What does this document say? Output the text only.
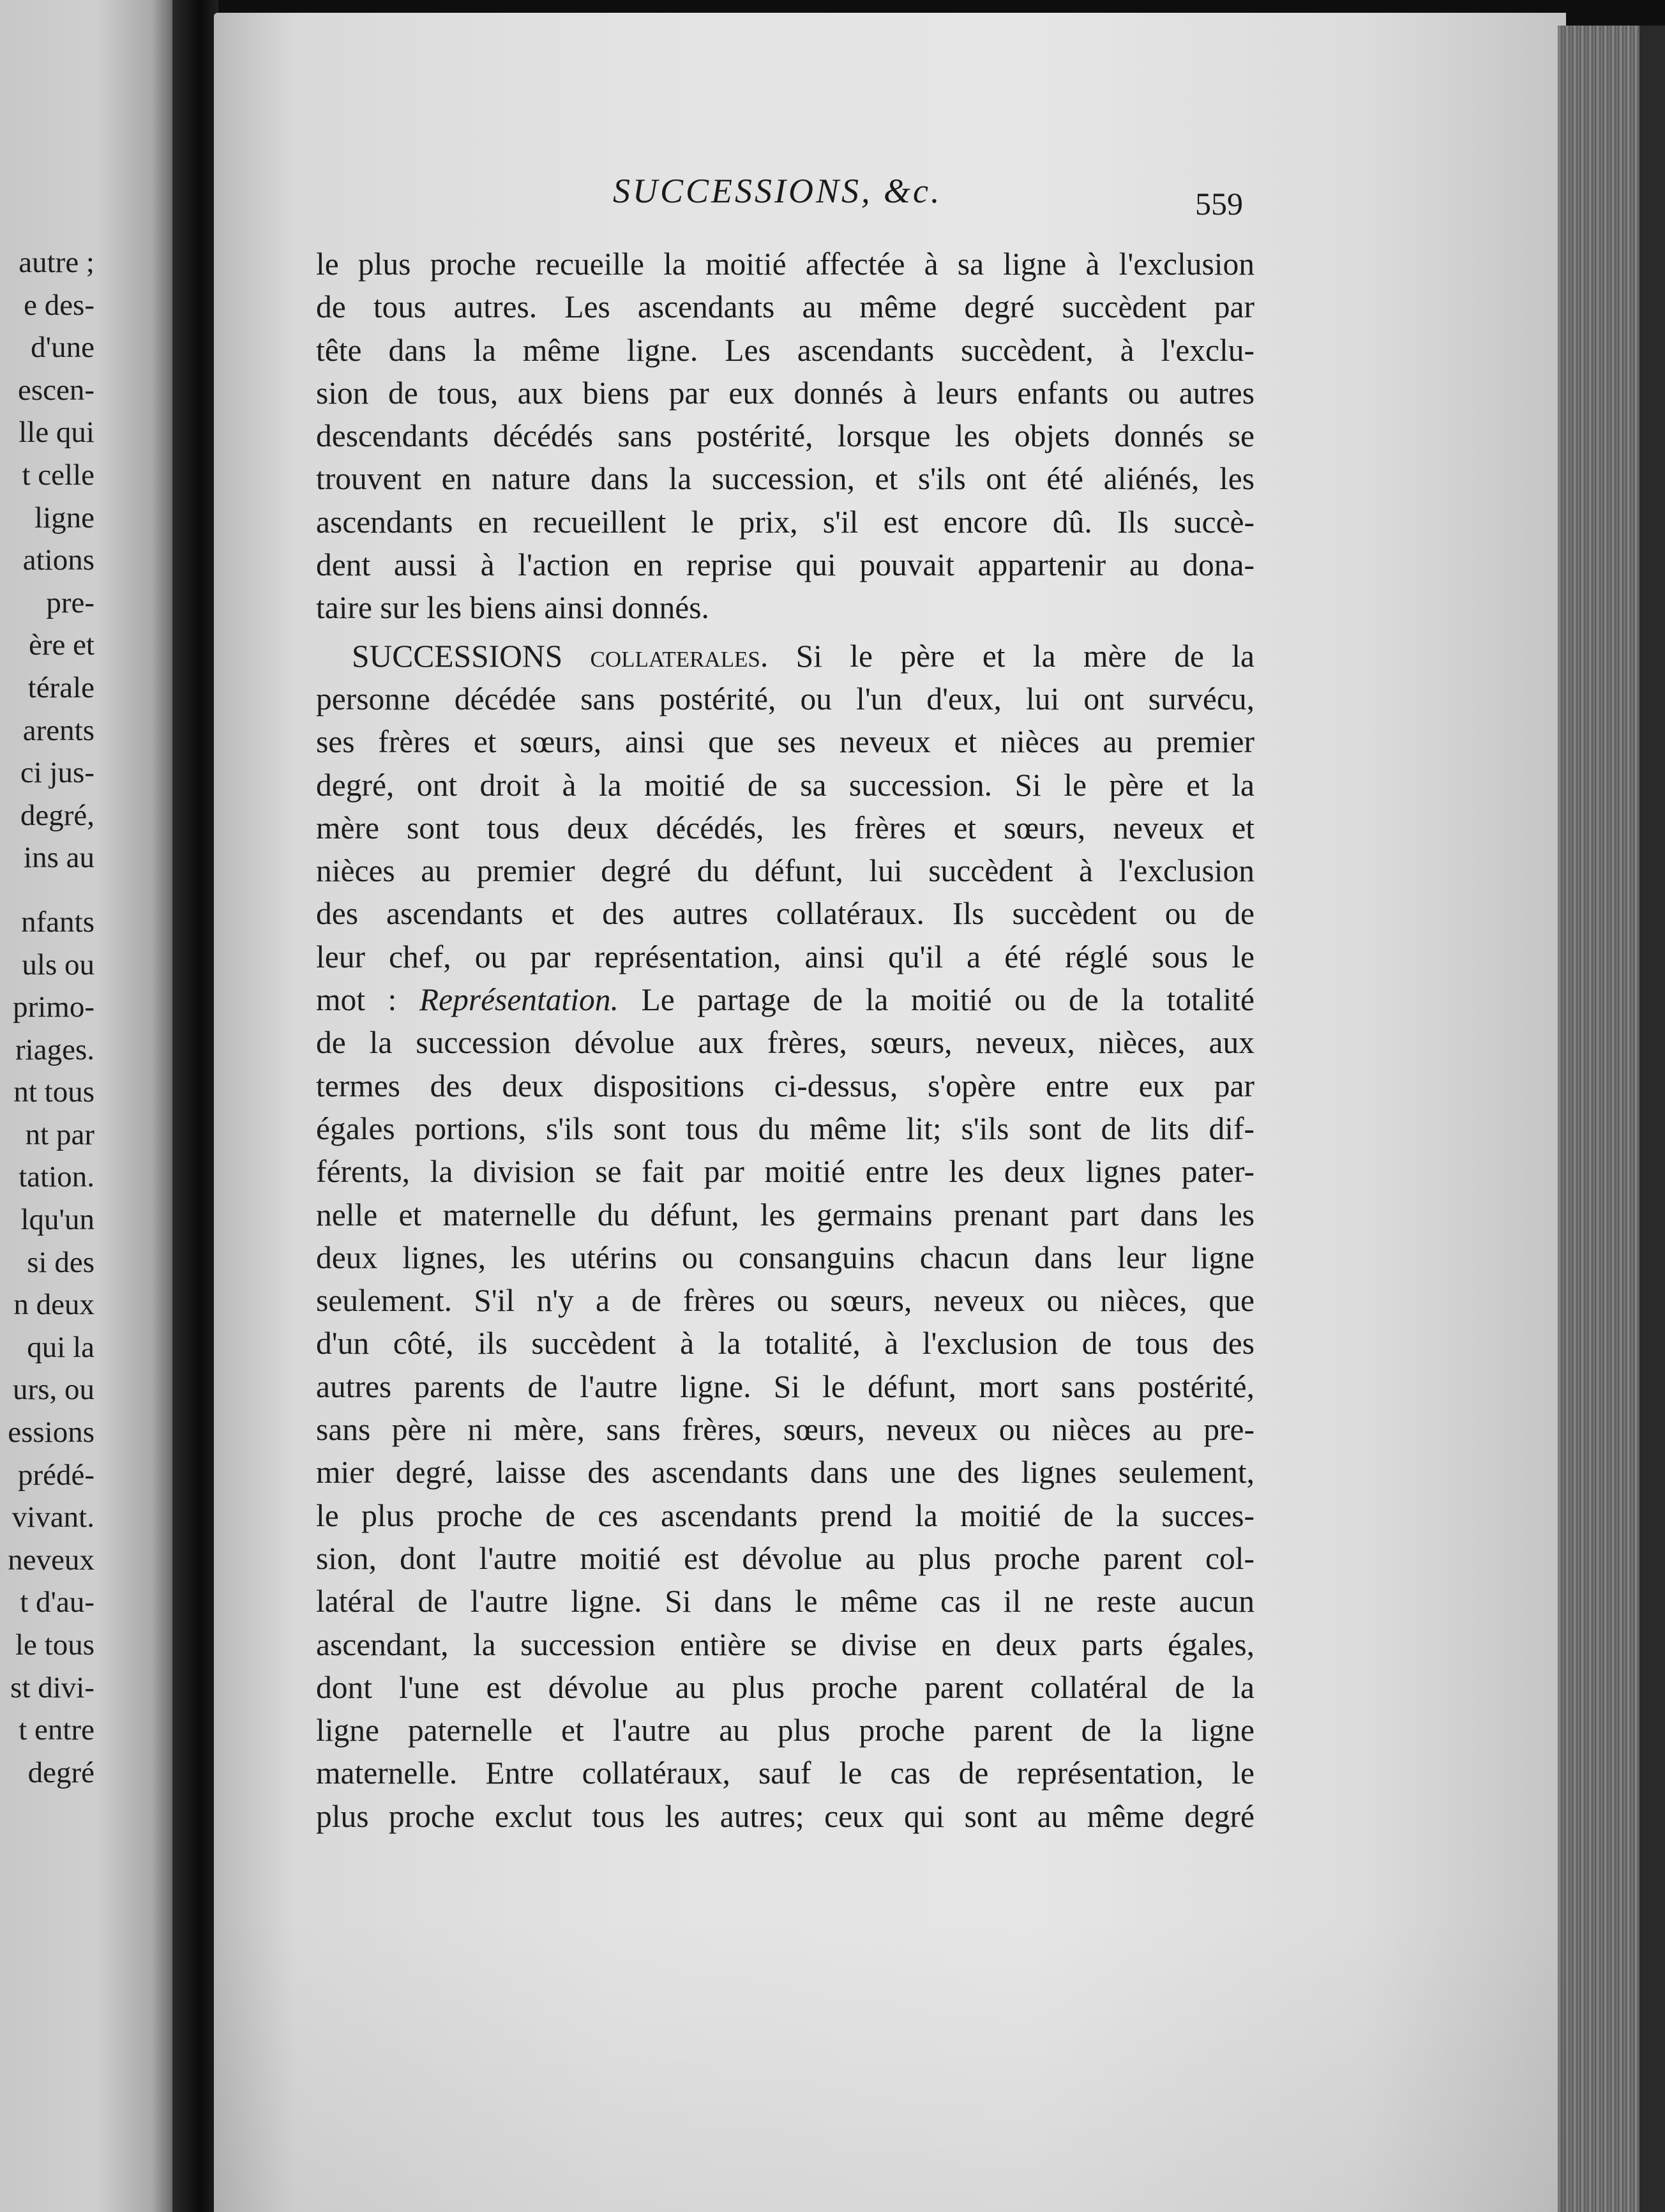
autre ;
e des-
d'une
escen-
lle qui
t celle
ligne
ations
pre-
ère et
térale
arents
ci jus-
degré,
ins au
nfants
uls ou
primo-
riages.
nt tous
nt par
tation.
lqu'un
si des
n deux
qui la
urs, ou
essions
prédé-
vivant.
neveux
t d'au-
le tous
st divi-
t entre
degré
SUCCESSIONS, &c.	559
le plus proche recueille la moitié affectée à sa ligne à l'exclusion
de tous autres. Les ascendants au même degré succèdent par
tête dans la même ligne. Les ascendants succèdent, à l'exclu-
sion de tous, aux biens par eux donnés à leurs enfants ou autres
descendants décédés sans postérité, lorsque les objets donnés se
trouvent en nature dans la succession, et s'ils ont été aliénés, les
ascendants en recueillent le prix, s'il est encore dû. Ils succè-
dent aussi à l'action en reprise qui pouvait appartenir au dona-
taire sur les biens ainsi donnés.
SUCCESSIONS collaterales. Si le père et la mère de la
personne décédée sans postérité, ou l'un d'eux, lui ont survécu,
ses frères et sœurs, ainsi que ses neveux et nièces au premier
degré, ont droit à la moitié de sa succession. Si le père et la
mère sont tous deux décédés, les frères et sœurs, neveux et
nièces au premier degré du défunt, lui succèdent à l'exclusion
des ascendants et des autres collatéraux. Ils succèdent ou de
leur chef, ou par représentation, ainsi qu'il a été réglé sous le
mot : Représentation. Le partage de la moitié ou de la totalité
de la succession dévolue aux frères, sœurs, neveux, nièces, aux
termes des deux dispositions ci-dessus, s'opère entre eux par
égales portions, s'ils sont tous du même lit; s'ils sont de lits dif-
férents, la division se fait par moitié entre les deux lignes pater-
nelle et maternelle du défunt, les germains prenant part dans les
deux lignes, les utérins ou consanguins chacun dans leur ligne
seulement. S'il n'y a de frères ou sœurs, neveux ou nièces, que
d'un côté, ils succèdent à la totalité, à l'exclusion de tous des
autres parents de l'autre ligne. Si le défunt, mort sans postérité,
sans père ni mère, sans frères, sœurs, neveux ou nièces au pre-
mier degré, laisse des ascendants dans une des lignes seulement,
le plus proche de ces ascendants prend la moitié de la succes-
sion, dont l'autre moitié est dévolue au plus proche parent col-
latéral de l'autre ligne. Si dans le même cas il ne reste aucun
ascendant, la succession entière se divise en deux parts égales,
dont l'une est dévolue au plus proche parent collatéral de la
ligne paternelle et l'autre au plus proche parent de la ligne
maternelle. Entre collatéraux, sauf le cas de représentation, le
plus proche exclut tous les autres; ceux qui sont au même degré
